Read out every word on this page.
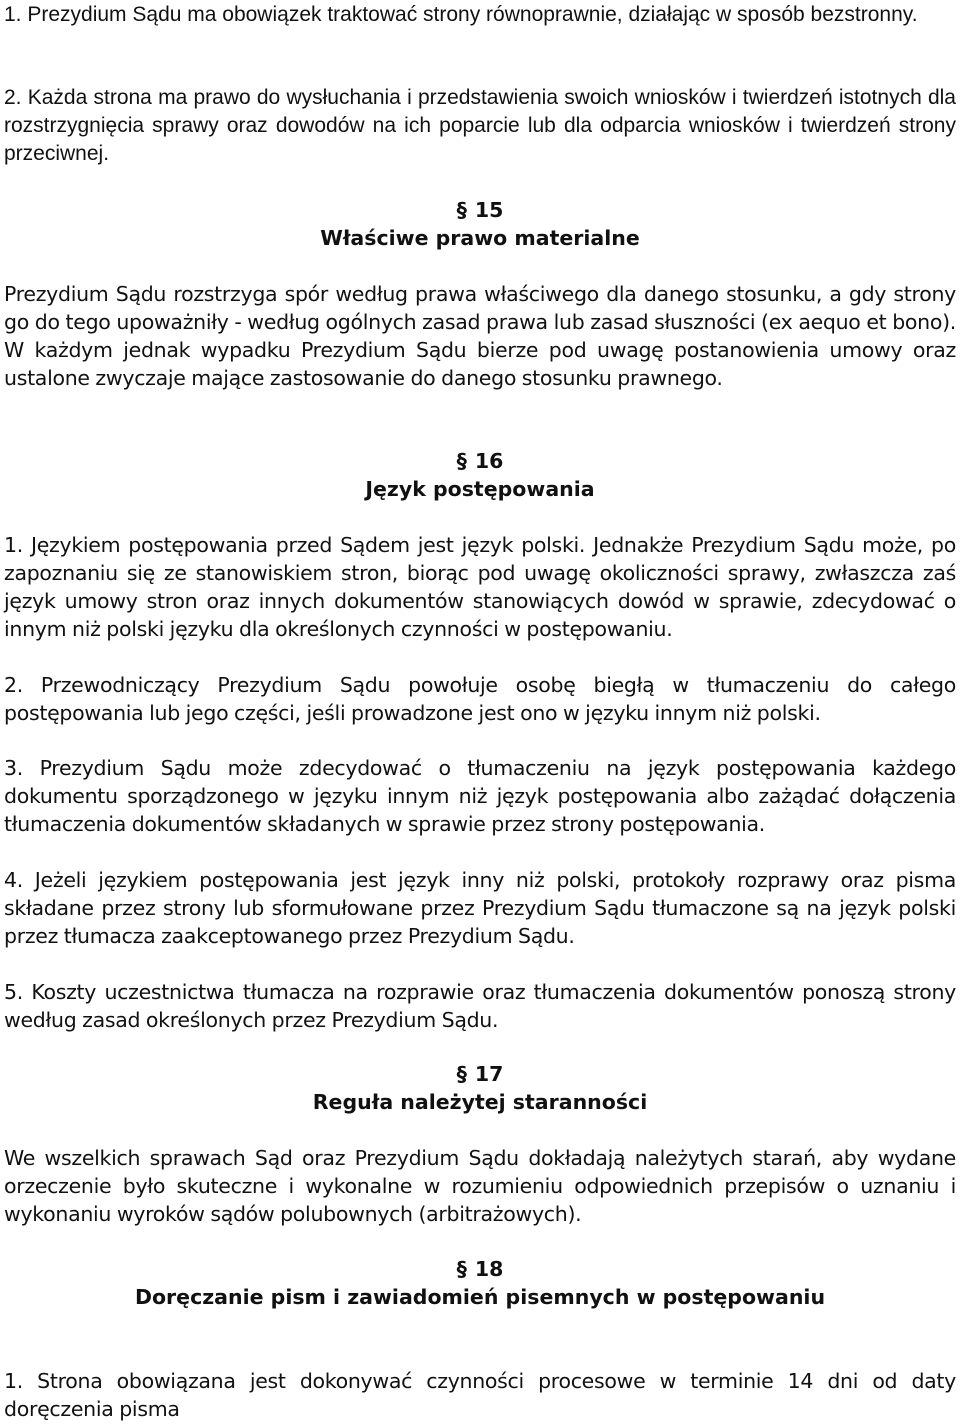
1. Prezydium Sądu ma obowiązek traktować strony równoprawnie, działając w sposób bezstronny.

2. Każda strona ma prawo do wysłuchania i przedstawienia swoich wniosków i twierdzeń istotnych dla rozstrzygnięcia sprawy oraz dowodów na ich poparcie lub dla odparcia wniosków i twierdzeń strony przeciwnej.

§ 15
Właściwe prawo materialne

Prezydium Sądu rozstrzyga spór według prawa właściwego dla danego stosunku, a gdy strony go do tego upoważniły - według ogólnych zasad prawa lub zasad słuszności (ex aequo et bono). W każdym jednak wypadku Prezydium Sądu bierze pod uwagę postanowienia umowy oraz ustalone zwyczaje mające zastosowanie do danego stosunku prawnego.

§ 16
Język postępowania

1. Językiem postępowania przed Sądem jest język polski. Jednakże Prezydium Sądu może, po zapoznaniu się ze stanowiskiem stron, biorąc pod uwagę okoliczności sprawy, zwłaszcza zaś język umowy stron oraz innych dokumentów stanowiących dowód w sprawie, zdecydować o innym niż polski języku dla określonych czynności w postępowaniu.

2. Przewodniczący Prezydium Sądu powołuje osobę biegłą w tłumaczeniu do całego postępowania lub jego części, jeśli prowadzone jest ono w języku innym niż polski.

3. Prezydium Sądu może zdecydować o tłumaczeniu na język postępowania każdego dokumentu sporządzonego w języku innym niż język postępowania albo zażądać dołączenia tłumaczenia dokumentów składanych w sprawie przez strony postępowania.

4. Jeżeli językiem postępowania jest język inny niż polski, protokoły rozprawy oraz pisma składane przez strony lub sformułowane przez Prezydium Sądu tłumaczone są na język polski przez tłumacza zaakceptowanego przez Prezydium Sądu.

5. Koszty uczestnictwa tłumacza na rozprawie oraz tłumaczenia dokumentów ponoszą strony według zasad określonych przez Prezydium Sądu.

§ 17
Reguła należytej staranności

We wszelkich sprawach Sąd oraz Prezydium Sądu dokładają należytych starań, aby wydane orzeczenie było skuteczne i wykonalne w rozumieniu odpowiednich przepisów o uznaniu i wykonaniu wyroków sądów polubownych (arbitrażowych).

§ 18
Doręczanie pism i zawiadomień pisemnych w postępowaniu

1. Strona obowiązana jest dokonywać czynności procesowe w terminie 14 dni od daty doręczenia pisma
